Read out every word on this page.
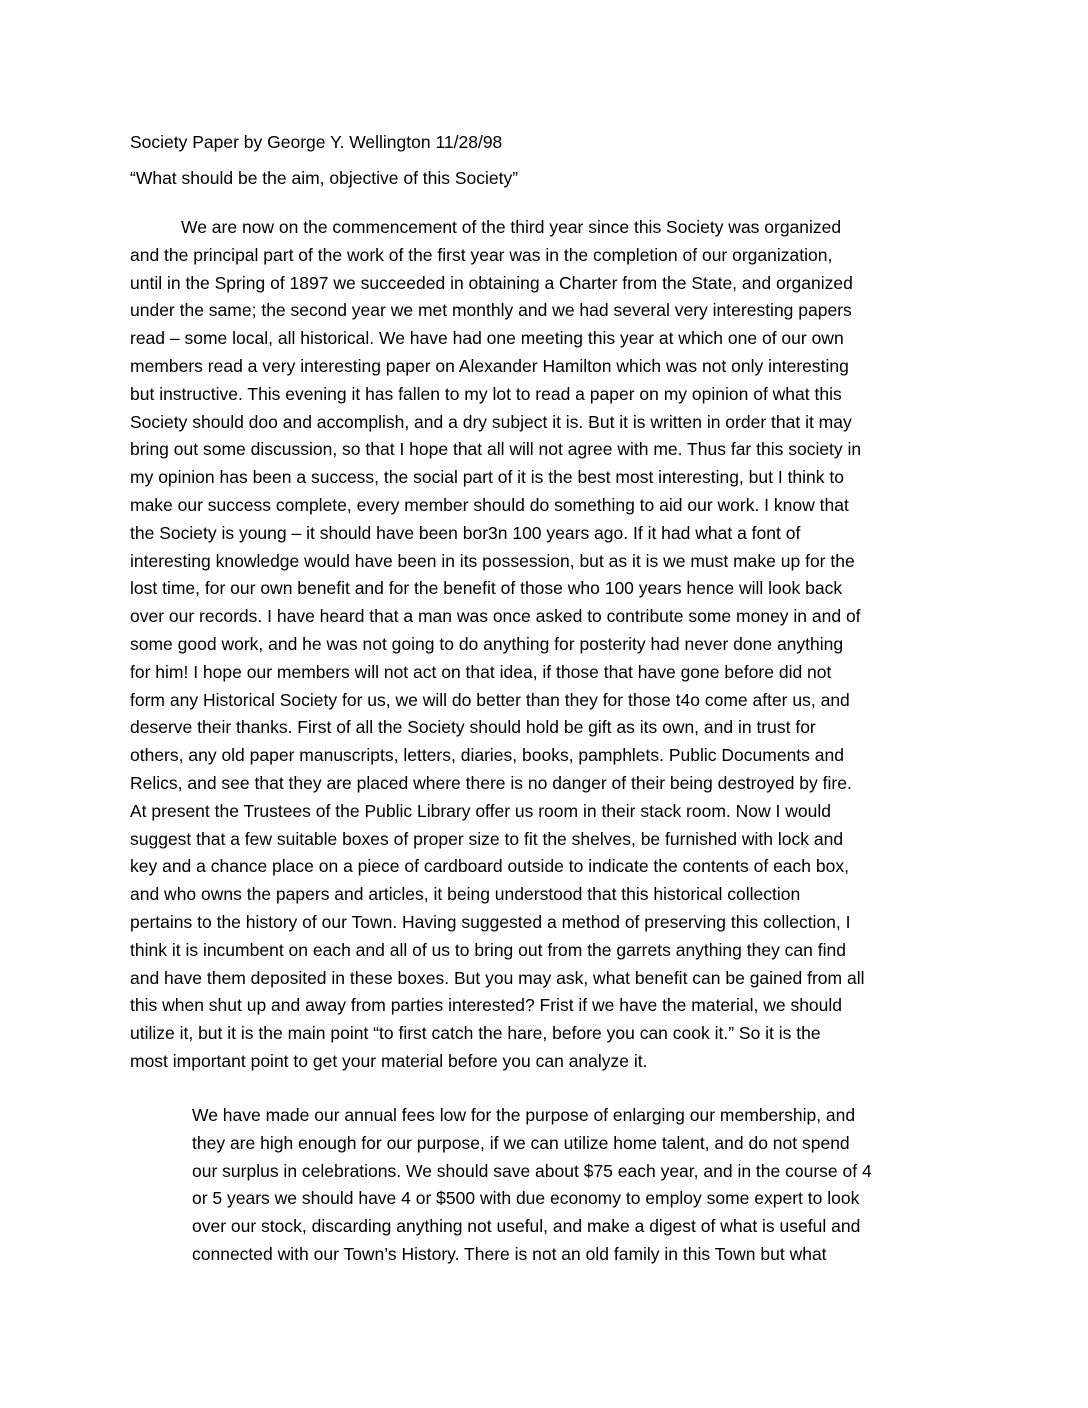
Society Paper by George Y. Wellington 11/28/98

“What should be the aim, objective of this Society”

We are now on the commencement of the third year since this Society was organized
and the principal part of the work of the first year was in the completion of our organization,
until in the Spring of 1897 we succeeded in obtaining a Charter from the State, and organized
under the same; the second year we met monthly and we had several very interesting papers
read – some local, all historical. We have had one meeting this year at which one of our own
members read a very interesting paper on Alexander Hamilton which was not only interesting
but instructive. This evening it has fallen to my lot to read a paper on my opinion of what this
Society should doo and accomplish, and a dry subject it is. But it is written in order that it may
bring out some discussion, so that I hope that all will not agree with me. Thus far this society in
my opinion has been a success, the social part of it is the best most interesting, but I think to
make our success complete, every member should do something to aid our work. I know that
the Society is young – it should have been bor3n 100 years ago. If it had what a font of
interesting knowledge would have been in its possession, but as it is we must make up for the
lost time, for our own benefit and for the benefit of those who 100 years hence will look back
over our records. I have heard that a man was once asked to contribute some money in and of
some good work, and he was not going to do anything for posterity had never done anything
for him! I hope our members will not act on that idea, if those that have gone before did not
form any Historical Society for us, we will do better than they for those t4o come after us, and
deserve their thanks. First of all the Society should hold be gift as its own, and in trust for
others, any old paper manuscripts, letters, diaries, books, pamphlets. Public Documents and
Relics, and see that they are placed where there is no danger of their being destroyed by fire.
At present the Trustees of the Public Library offer us room in their stack room. Now I would
suggest that a few suitable boxes of proper size to fit the shelves, be furnished with lock and
key and a chance place on a piece of cardboard outside to indicate the contents of each box,
and who owns the papers and articles, it being understood that this historical collection
pertains to the history of our Town. Having suggested a method of preserving this collection, I
think it is incumbent on each and all of us to bring out from the garrets anything they can find
and have them deposited in these boxes. But you may ask, what benefit can be gained from all
this when shut up and away from parties interested? Frist if we have the material, we should
utilize it, but it is the main point “to first catch the hare, before you can cook it.” So it is the
most important point to get your material before you can analyze it.
We have made our annual fees low for the purpose of enlarging our membership, and
they are high enough for our purpose, if we can utilize home talent, and do not spend
our surplus in celebrations. We should save about $75 each year, and in the course of 4
or 5 years we should have 4 or $500 with due economy to employ some expert to look
over our stock, discarding anything not useful, and make a digest of what is useful and
connected with our Town’s History. There is not an old family in this Town but what
